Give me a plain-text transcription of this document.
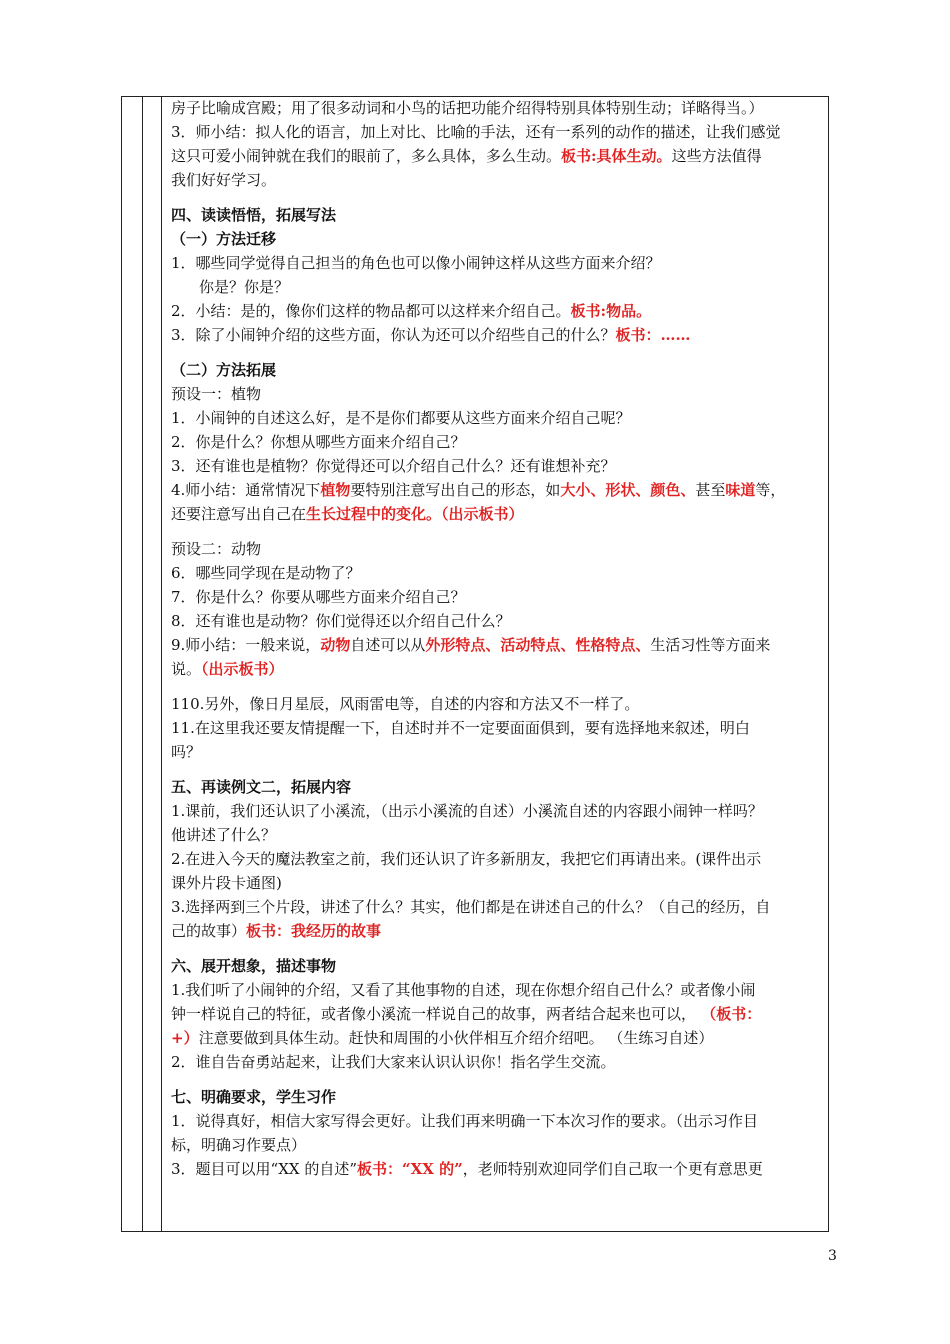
房子比喻成宫殿；用了很多动词和小鸟的话把功能介绍得特别具体特别生动；详略得当。）
3．师小结：拟人化的语言，加上对比、比喻的手法，还有一系列的动作的描述，让我们感觉
这只可爱小闹钟就在我们的眼前了，多么具体，多么生动。板书:具体生动。这些方法值得
我们好好学习。
四、读读悟悟，拓展写法
（一）方法迁移
1．哪些同学觉得自己担当的角色也可以像小闹钟这样从这些方面来介绍？
你是？你是？
2．小结：是的，像你们这样的物品都可以这样来介绍自己。板书:物品。
3．除了小闹钟介绍的这些方面，你认为还可以介绍些自己的什么？板书：……
（二）方法拓展
预设一：植物
1．小闹钟的自述这么好，是不是你们都要从这些方面来介绍自己呢？
2．你是什么？你想从哪些方面来介绍自己？
3．还有谁也是植物？你觉得还可以介绍自己什么？还有谁想补充？
4.师小结：通常情况下植物要特别注意写出自己的形态，如大小、形状、颜色、甚至味道等，
还要注意写出自己在生长过程中的变化。（出示板书）
预设二：动物
6．哪些同学现在是动物了？
7．你是什么？你要从哪些方面来介绍自己？
8．还有谁也是动物？你们觉得还以介绍自己什么？
9.师小结：一般来说，动物自述可以从外形特点、活动特点、性格特点、生活习性等方面来
说。（出示板书）
110.另外，像日月星辰，风雨雷电等，自述的内容和方法又不一样了。
11.在这里我还要友情提醒一下，自述时并不一定要面面俱到，要有选择地来叙述，明白
吗？
五、再读例文二，拓展内容
1.课前，我们还认识了小溪流，（出示小溪流的自述）小溪流自述的内容跟小闹钟一样吗？
他讲述了什么？
2.在进入今天的魔法教室之前，我们还认识了许多新朋友，我把它们再请出来。(课件出示
课外片段卡通图)
3.选择两到三个片段，讲述了什么？其实，他们都是在讲述自己的什么？（自己的经历，自
己的故事）板书：我经历的故事
六、展开想象，描述事物
1.我们听了小闹钟的介绍，又看了其他事物的自述，现在你想介绍自己什么？或者像小闹
钟一样说自己的特征，或者像小溪流一样说自己的故事，两者结合起来也可以， （板书：
+）注意要做到具体生动。赶快和周围的小伙伴相互介绍介绍吧。 （生练习自述）
2．谁自告奋勇站起来，让我们大家来认识认识你！指名学生交流。
七、明确要求，学生习作
1．说得真好，相信大家写得会更好。让我们再来明确一下本次习作的要求。（出示习作目
标，明确习作要点）
3．题目可以用“XX 的自述”板书：“XX 的”，老师特别欢迎同学们自己取一个更有意思更
3
